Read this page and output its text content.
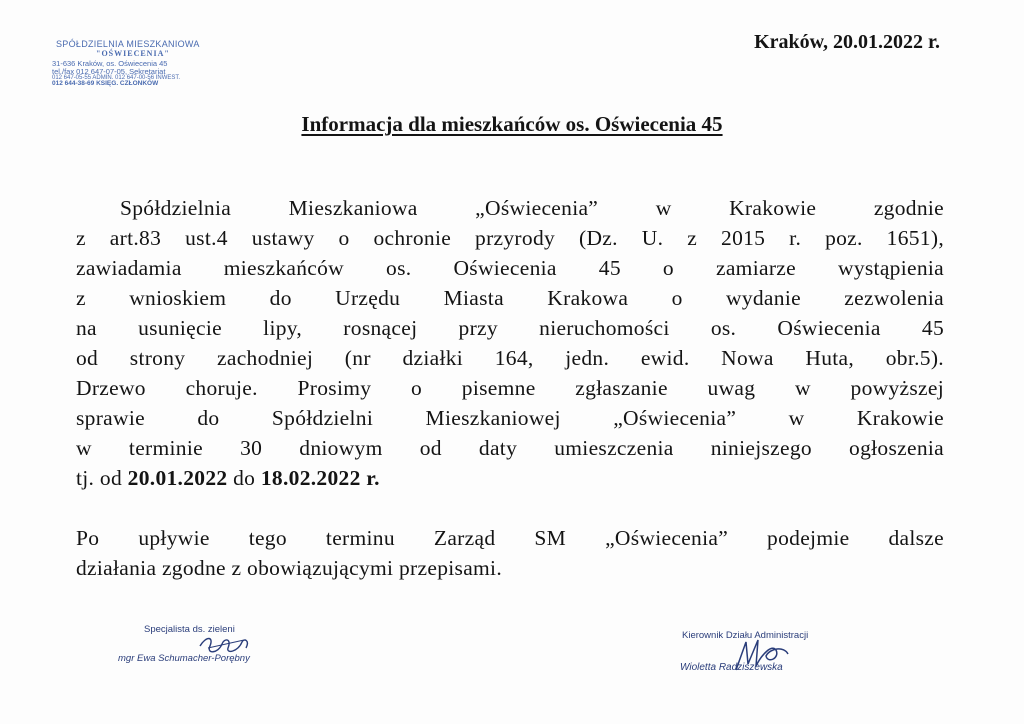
SPÓŁDZIELNIA MIESZKANIOWA
"OŚWIECENIA"
31-636 Kraków, os. Oświecenia 45
tel./fax 012 647-07-05, Sekretariat
012 647-05-55 ADMIN. 012 647-00-56 INWEST.
012 644-38-69 KSIĘG. CZŁONKÓW
Kraków, 20.01.2022 r.
Informacja dla mieszkańców os. Oświecenia 45
Spółdzielnia Mieszkaniowa „Oświecenia” w Krakowie zgodnie
z art.83 ust.4 ustawy o ochronie przyrody (Dz. U. z 2015 r. poz. 1651),
zawiadamia mieszkańców os. Oświecenia 45 o zamiarze wystąpienia
z wnioskiem do Urzędu Miasta Krakowa o wydanie zezwolenia
na usunięcie lipy, rosnącej przy nieruchomości os. Oświecenia 45
od strony zachodniej (nr działki 164, jedn. ewid. Nowa Huta, obr.5).
Drzewo choruje. Prosimy o pisemne zgłaszanie uwag w powyższej
sprawie do Spółdzielni Mieszkaniowej „Oświecenia” w Krakowie
w terminie 30 dniowym od daty umieszczenia niniejszego ogłoszenia
tj. od 20.01.2022 do 18.02.2022 r.
Po upływie tego terminu Zarząd SM „Oświecenia” podejmie dalsze
działania zgodne z obowiązującymi przepisami.
Specjalista ds. zieleni
mgr Ewa Schumacher-Porębny
Kierownik Działu Administracji
Wioletta Radziszewska
